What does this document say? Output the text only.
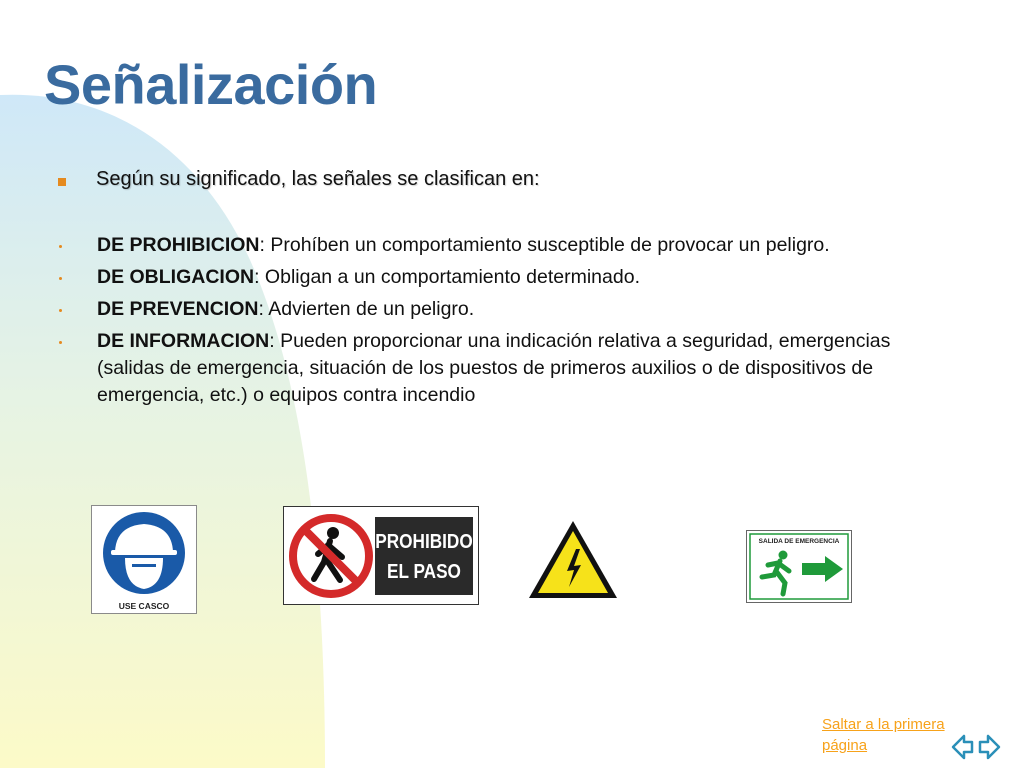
Señalización
Según su significado, las señales se clasifican en:
DE PROHIBICION: Prohíben un comportamiento susceptible de provocar un peligro.
DE OBLIGACION: Obligan a un comportamiento determinado.
DE PREVENCION: Advierten de un peligro.
DE INFORMACION: Pueden proporcionar una indicación relativa a seguridad, emergencias (salidas de emergencia, situación de los puestos de primeros auxilios o de dispositivos de emergencia, etc.) o equipos contra incendio
USE CASCO
PROHIBIDO
EL PASO
SALIDA DE EMERGENCIA
Saltar a la primera página
